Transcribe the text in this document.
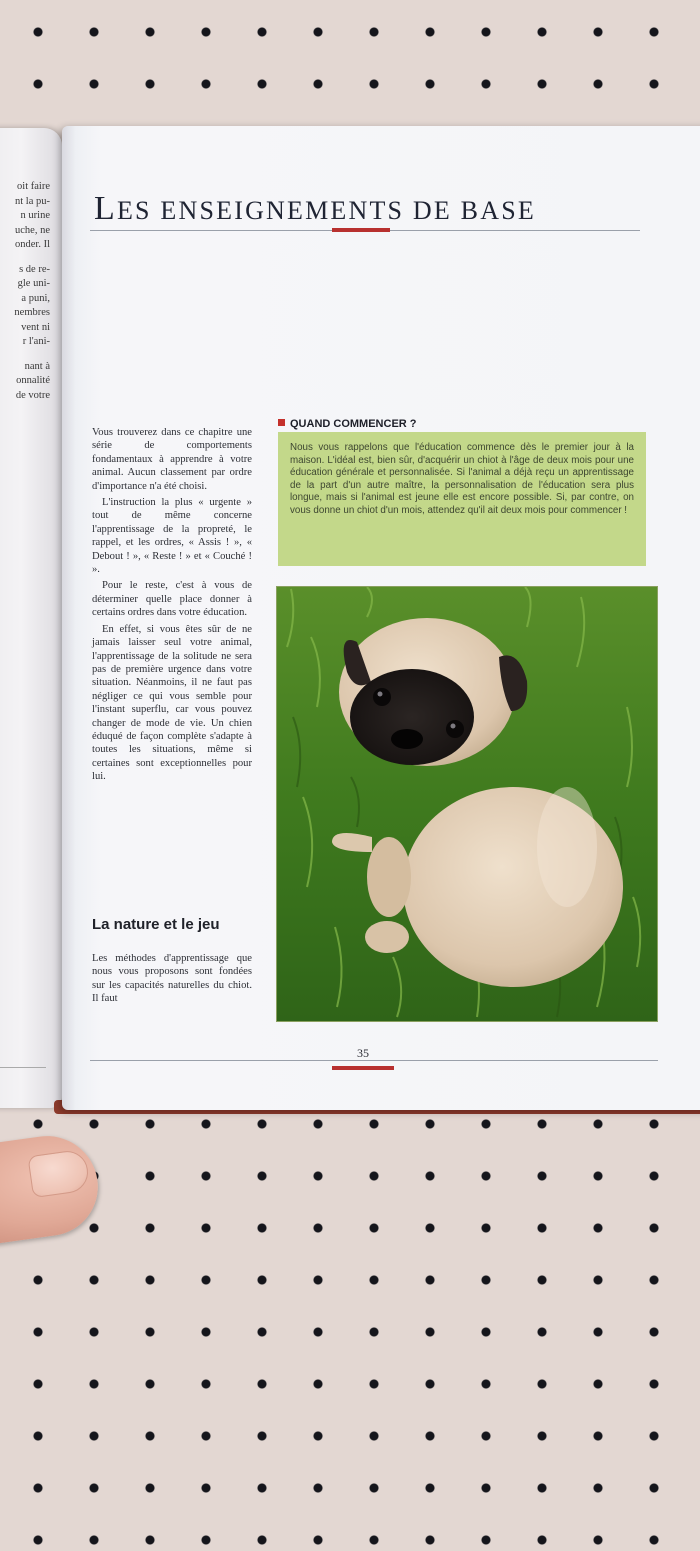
oit faire
nt la pu-
n urine
uche, ne
onder. Il
s de re-
gle uni-
a puni,
nembres
vent ni
r l'ani-
nant à
onnalité
de votre
LES ENSEIGNEMENTS DE BASE

Vous trouverez dans ce chapitre une série de comportements fondamentaux à apprendre à votre animal. Aucun classement par ordre d'importance n'a été choisi.

L'instruction la plus « urgente » tout de même concerne l'apprentissage de la propreté, le rappel, et les ordres, « Assis ! », « Debout ! », « Reste ! » et « Couché ! ».

Pour le reste, c'est à vous de déterminer quelle place donner à certains ordres dans votre éducation.

En effet, si vous êtes sûr de ne jamais laisser seul votre animal, l'apprentissage de la solitude ne sera pas de première urgence dans votre situation. Néanmoins, il ne faut pas négliger ce qui vous semble pour l'instant superflu, car vous pouvez changer de mode de vie. Un chien éduqué de façon complète s'adapte à toutes les situations, même si certaines sont exceptionnelles pour lui.

La nature et le jeu

Les méthodes d'apprentissage que nous vous proposons sont fondées sur les capacités naturelles du chiot. Il faut

QUAND COMMENCER ?
Nous vous rappelons que l'éducation commence dès le premier jour à la maison. L'idéal est, bien sûr, d'acquérir un chiot à l'âge de deux mois pour une éducation générale et personnalisée. Si l'animal a déjà reçu un apprentissage de la part d'un autre maître, la personnalisation de l'éducation sera plus longue, mais si l'animal est jeune elle est encore possible. Si, par contre, on vous donne un chiot d'un mois, attendez qu'il ait deux mois pour commencer !
35
